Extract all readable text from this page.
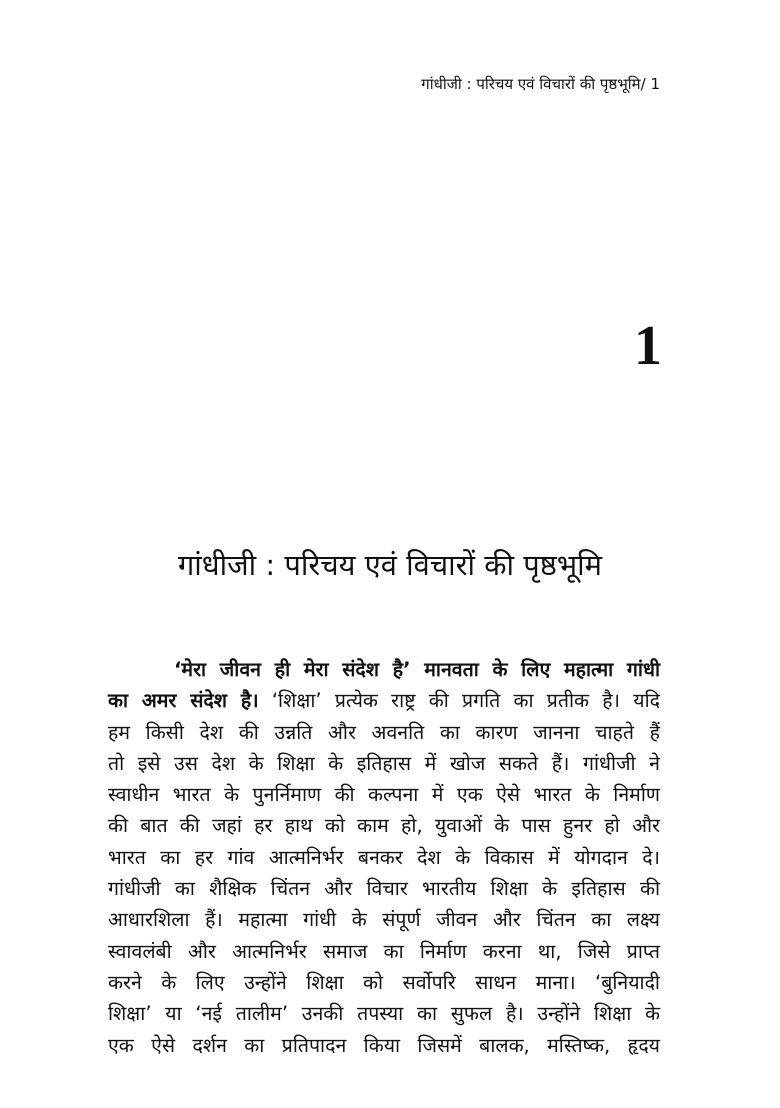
गांधीजी : परिचय एवं विचारों की पृष्ठभूमि/ 1
1
गांधीजी : परिचय एवं विचारों की पृष्ठभूमि
‘मेरा जीवन ही मेरा संदेश है’ मानवता के लिए महात्मा गांधी
का अमर संदेश है। ‘शिक्षा’ प्रत्येक राष्ट्र की प्रगति का प्रतीक है। यदि
हम किसी देश की उन्नति और अवनति का कारण जानना चाहते हैं
तो इसे उस देश के शिक्षा के इतिहास में खोज सकते हैं। गांधीजी ने
स्वाधीन भारत के पुनर्निमाण की कल्पना में एक ऐसे भारत के निर्माण
की बात की जहां हर हाथ को काम हो, युवाओं के पास हुनर हो और
भारत का हर गांव आत्मनिर्भर बनकर देश के विकास में योगदान दे।
गांधीजी का शैक्षिक चिंतन और विचार भारतीय शिक्षा के इतिहास की
आधारशिला हैं। महात्मा गांधी के संपूर्ण जीवन और चिंतन का लक्ष्य
स्वावलंबी और आत्मनिर्भर समाज का निर्माण करना था, जिसे प्राप्त
करने के लिए उन्होंने शिक्षा को सर्वोपरि साधन माना। ‘बुनियादी
शिक्षा’ या ‘नई तालीम’ उनकी तपस्या का सुफल है। उन्होंने शिक्षा के
एक ऐसे दर्शन का प्रतिपादन किया जिसमें बालक, मस्तिष्क, हृदय
